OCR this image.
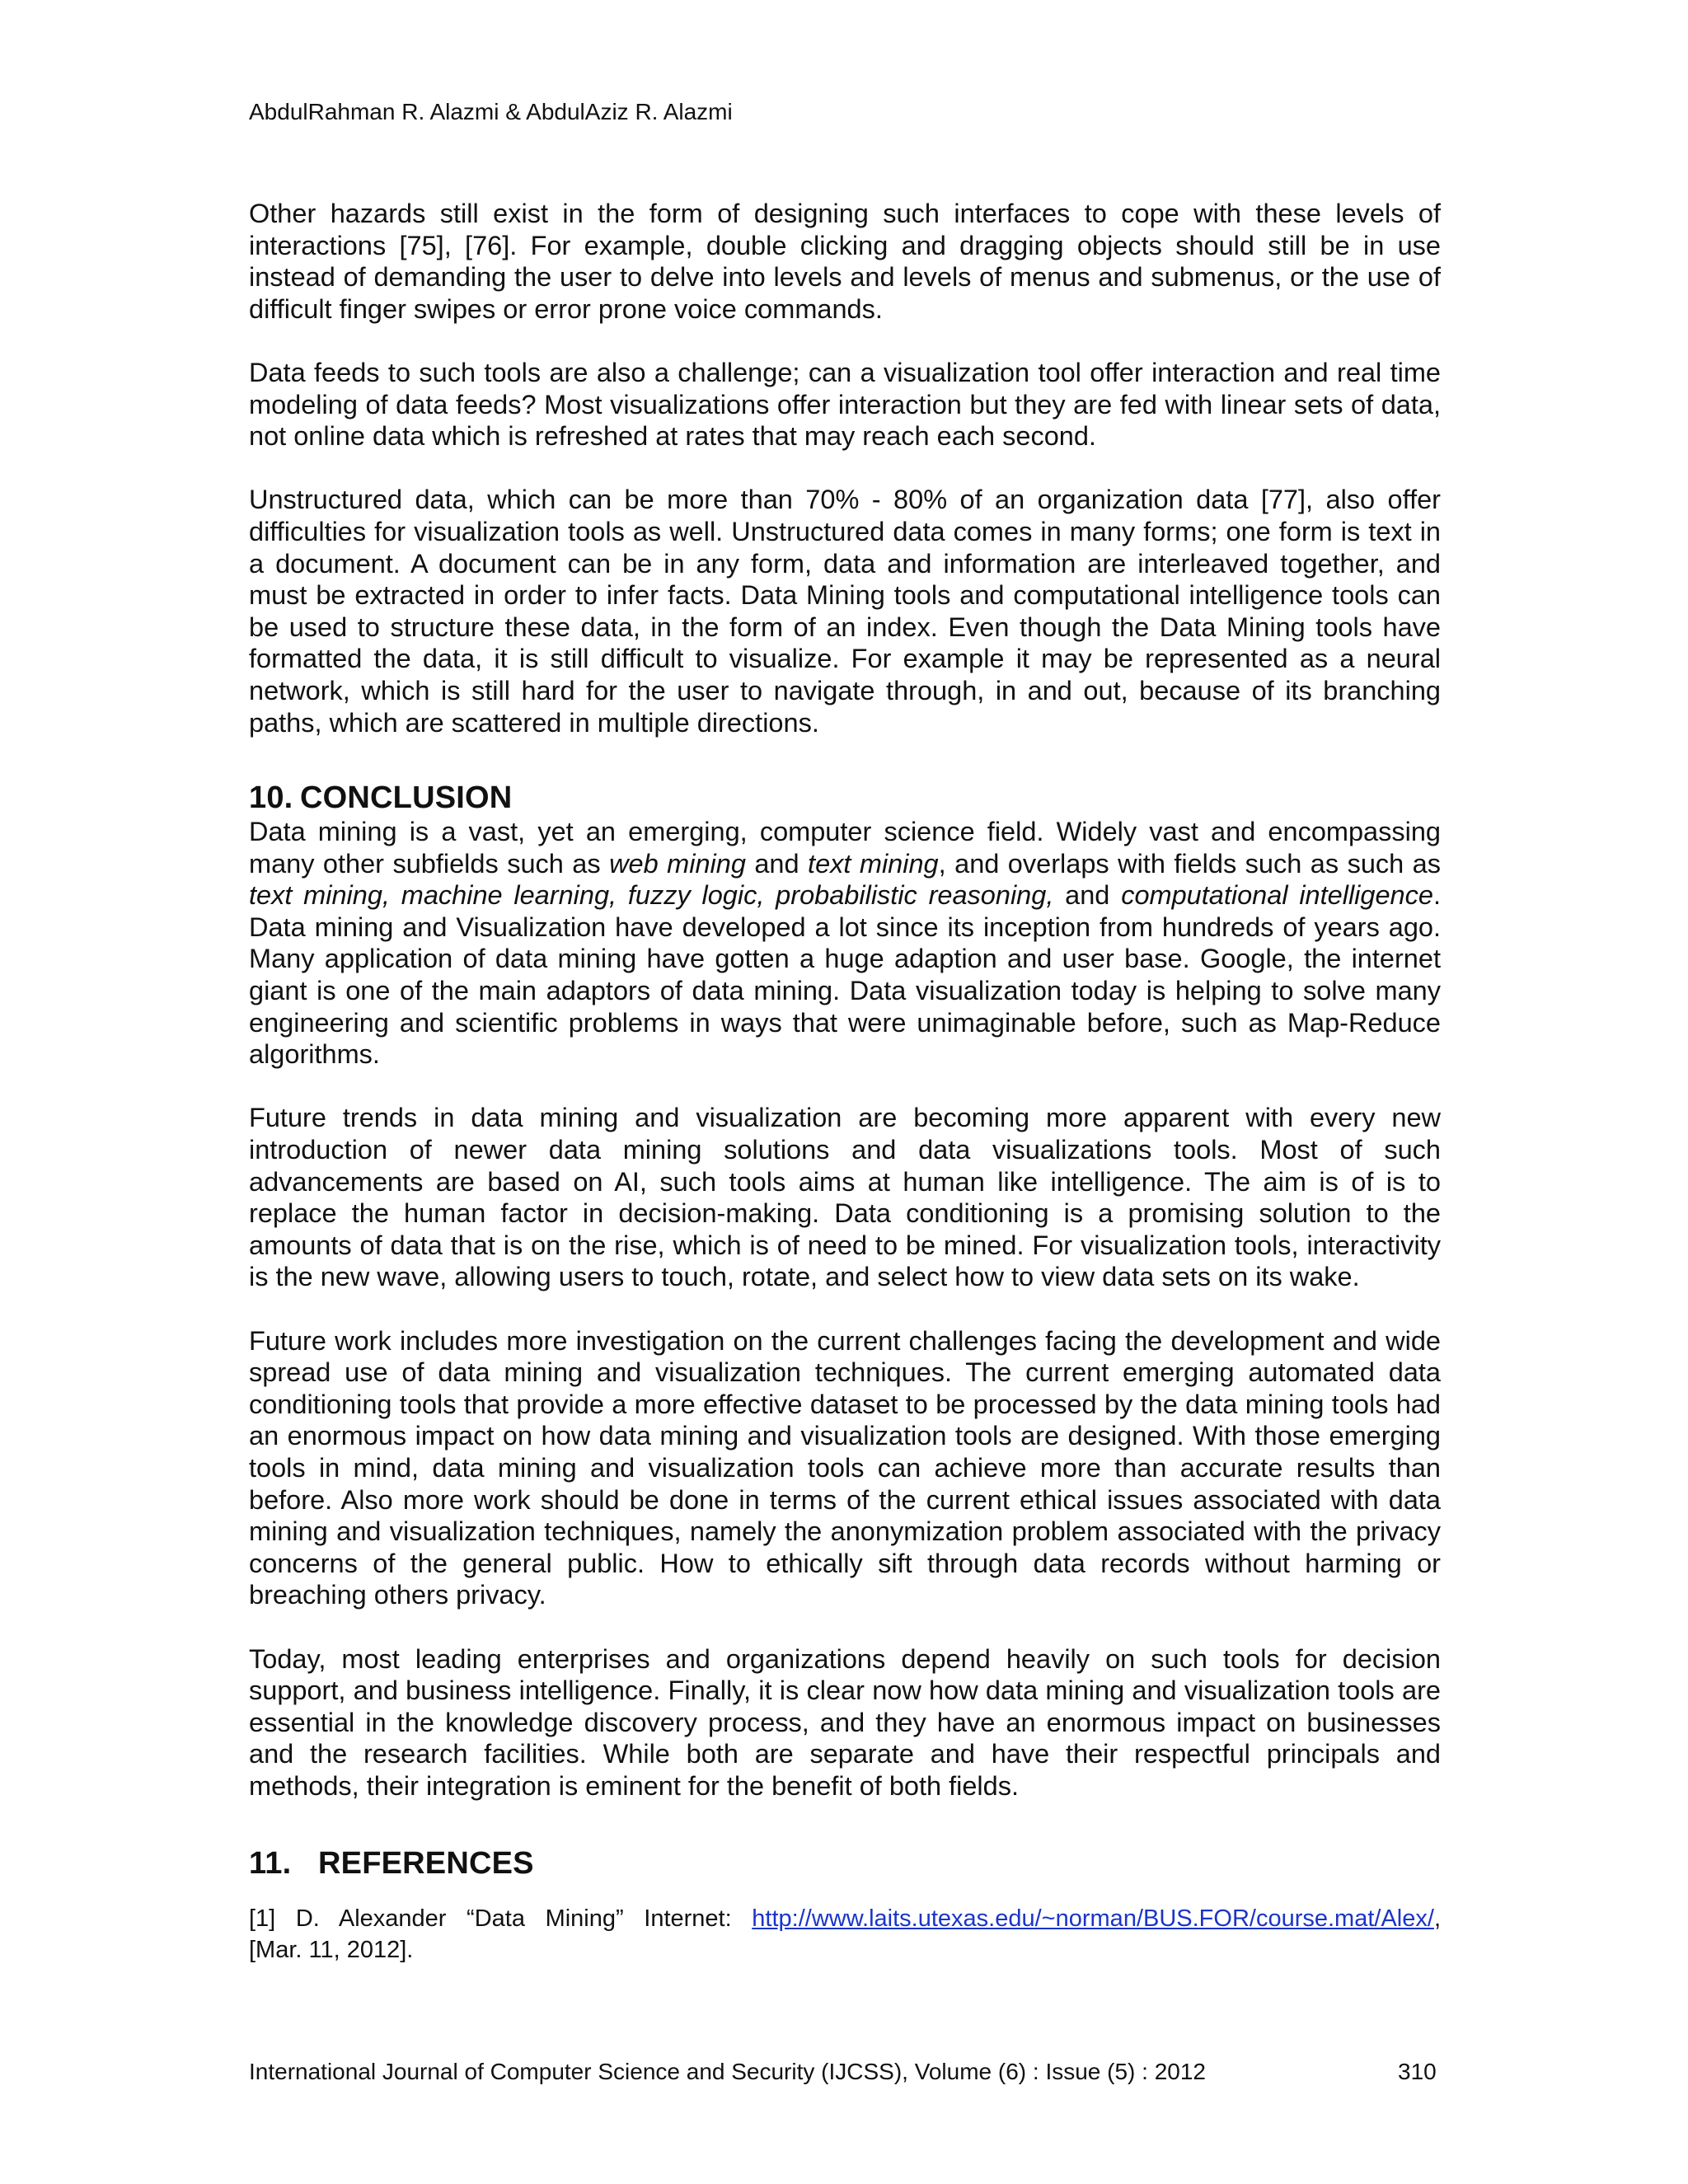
AbdulRahman R. Alazmi & AbdulAziz R. Alazmi

Other hazards still exist in the form of designing such interfaces to cope with these levels of interactions [75], [76]. For example, double clicking and dragging objects should still be in use instead of demanding the user to delve into levels and levels of menus and submenus, or the use of difficult finger swipes or error prone voice commands.

Data feeds to such tools are also a challenge; can a visualization tool offer interaction and real time modeling of data feeds? Most visualizations offer interaction but they are fed with linear sets of data, not online data which is refreshed at rates that may reach each second.

Unstructured data, which can be more than 70% - 80% of an organization data [77], also offer difficulties for visualization tools as well. Unstructured data comes in many forms; one form is text in a document. A document can be in any form, data and information are interleaved together, and must be extracted in order to infer facts. Data Mining tools and computational intelligence tools can be used to structure these data, in the form of an index. Even though the Data Mining tools have formatted the data, it is still difficult to visualize. For example it may be represented as a neural network, which is still hard for the user to navigate through, in and out, because of its branching paths, which are scattered in multiple directions.

10. CONCLUSION

Data mining is a vast, yet an emerging, computer science field. Widely vast and encompassing many other subfields such as web mining and text mining, and overlaps with fields such as such as text mining, machine learning, fuzzy logic, probabilistic reasoning, and computational intelligence. Data mining and Visualization have developed a lot since its inception from hundreds of years ago. Many application of data mining have gotten a huge adaption and user base. Google, the internet giant is one of the main adaptors of data mining. Data visualization today is helping to solve many engineering and scientific problems in ways that were unimaginable before, such as Map-Reduce algorithms.

Future trends in data mining and visualization are becoming more apparent with every new introduction of newer data mining solutions and data visualizations tools. Most of such advancements are based on AI, such tools aims at human like intelligence. The aim is of is to replace the human factor in decision-making. Data conditioning is a promising solution to the amounts of data that is on the rise, which is of need to be mined. For visualization tools, interactivity is the new wave, allowing users to touch, rotate, and select how to view data sets on its wake.

Future work includes more investigation on the current challenges facing the development and wide spread use of data mining and visualization techniques. The current emerging automated data conditioning tools that provide a more effective dataset to be processed by the data mining tools had an enormous impact on how data mining and visualization tools are designed. With those emerging tools in mind, data mining and visualization tools can achieve more than accurate results than before. Also more work should be done in terms of the current ethical issues associated with data mining and visualization techniques, namely the anonymization problem associated with the privacy concerns of the general public. How to ethically sift through data records without harming or breaching others privacy.

Today, most leading enterprises and organizations depend heavily on such tools for decision support, and business intelligence. Finally, it is clear now how data mining and visualization tools are essential in the knowledge discovery process, and they have an enormous impact on businesses and the research facilities. While both are separate and have their respectful principals and methods, their integration is eminent for the benefit of both fields.

11. REFERENCES

[1] D. Alexander “Data Mining” Internet: http://www.laits.utexas.edu/~norman/BUS.FOR/course.mat/Alex/,
[Mar. 11, 2012].

International Journal of Computer Science and Security (IJCSS), Volume (6) : Issue (5) : 2012	310
